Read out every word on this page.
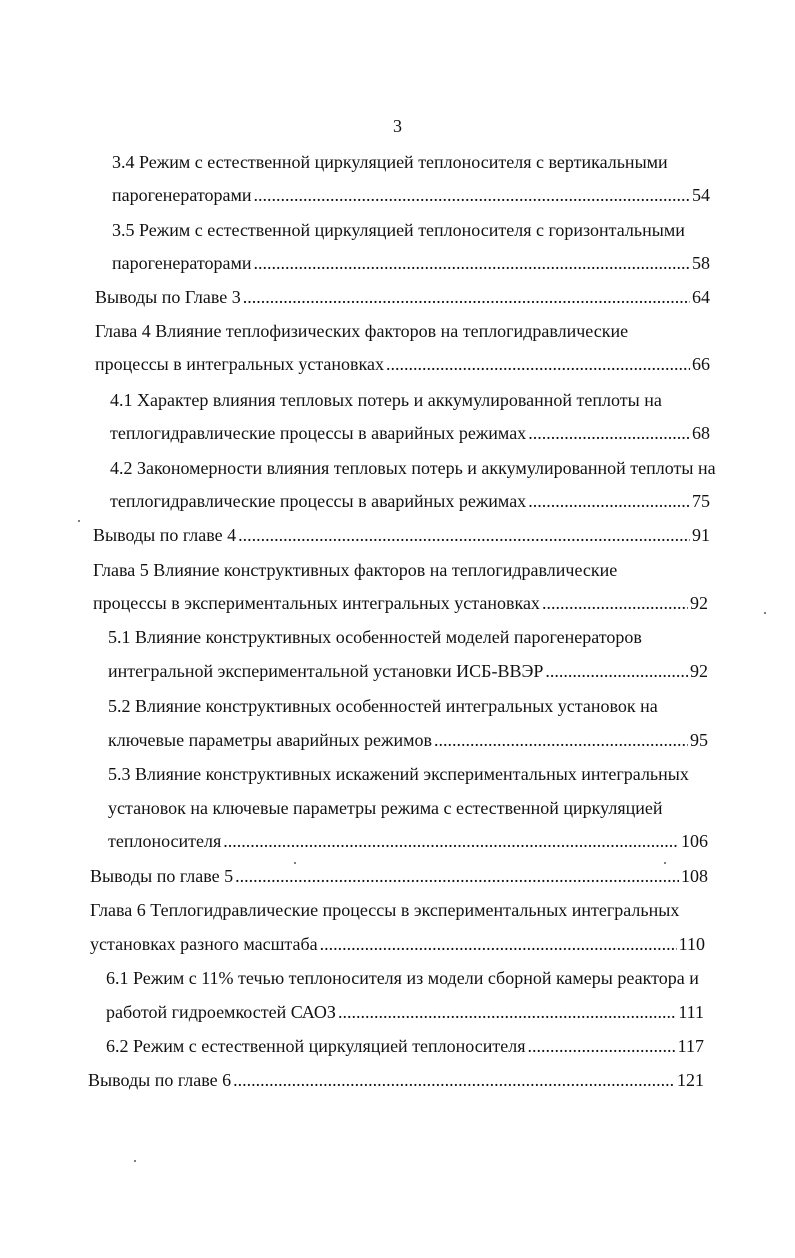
3
3.4 Режим с естественной циркуляцией теплоносителя с вертикальными
парогенераторами .....	54
3.5 Режим с естественной циркуляцией теплоносителя с горизонтальными
парогенераторами .....	58
Выводы по Главе 3 .....	64
Глава 4 Влияние теплофизических факторов на теплогидравлические
процессы в интегральных установках .....	66
4.1 Характер влияния тепловых потерь и аккумулированной теплоты на
теплогидравлические процессы в аварийных режимах .....	68
4.2 Закономерности влияния тепловых потерь и аккумулированной теплоты на
теплогидравлические процессы в аварийных режимах .....	75
Выводы по главе 4 .....	91
Глава 5 Влияние конструктивных факторов на теплогидравлические
процессы в экспериментальных интегральных установках .....	92
5.1 Влияние конструктивных особенностей моделей парогенераторов
интегральной экспериментальной установки ИСБ-ВВЭР .....	92
5.2 Влияние конструктивных особенностей интегральных установок на
ключевые параметры аварийных режимов .....	95
5.3 Влияние конструктивных искажений экспериментальных интегральных
установок на ключевые параметры режима с естественной циркуляцией
теплоносителя .....	106
Выводы по главе 5 .....	108
Глава 6 Теплогидравлические процессы в экспериментальных интегральных
установках разного масштаба .....	110
6.1 Режим с 11% течью теплоносителя из модели сборной камеры реактора и
работой гидроемкостей САОЗ .....	111
6.2 Режим с естественной циркуляцией теплоносителя .....	117
Выводы по главе 6 .....	121
